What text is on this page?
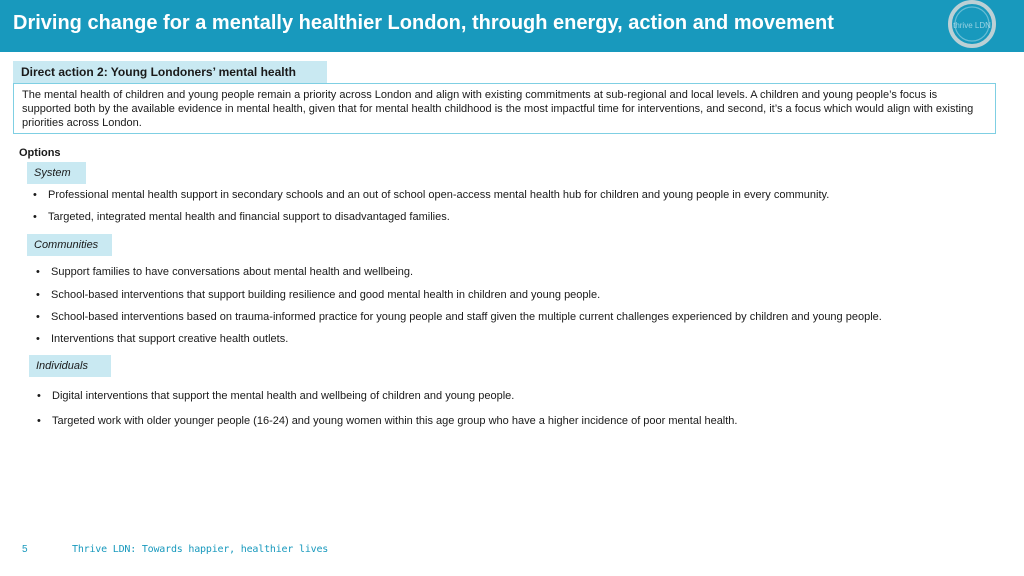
Driving change for a mentally healthier London, through energy, action and movement	thrive LDN
Direct action 2: Young Londoners’ mental health
The mental health of children and young people remain a priority across London and align with existing commitments at sub-regional and local levels. A children and young people’s focus is supported both by the available evidence in mental health, given that for mental health childhood is the most impactful time for interventions, and second, it’s a focus which would align with existing priorities across London.
Options
System
• Professional mental health support in secondary schools and an out of school open-access mental health hub for children and young people in every community.
• Targeted, integrated mental health and financial support to disadvantaged families.
Communities
• Support families to have conversations about mental health and wellbeing.
• School-based interventions that support building resilience and good mental health in children and young people.
• School-based interventions based on trauma-informed practice for young people and staff given the multiple current challenges experienced by children and young people.
• Interventions that support creative health outlets.
Individuals
• Digital interventions that support the mental health and wellbeing of children and young people.
• Targeted work with older younger people (16-24) and young women within this age group who have a higher incidence of poor mental health.
5	Thrive LDN: Towards happier, healthier lives
